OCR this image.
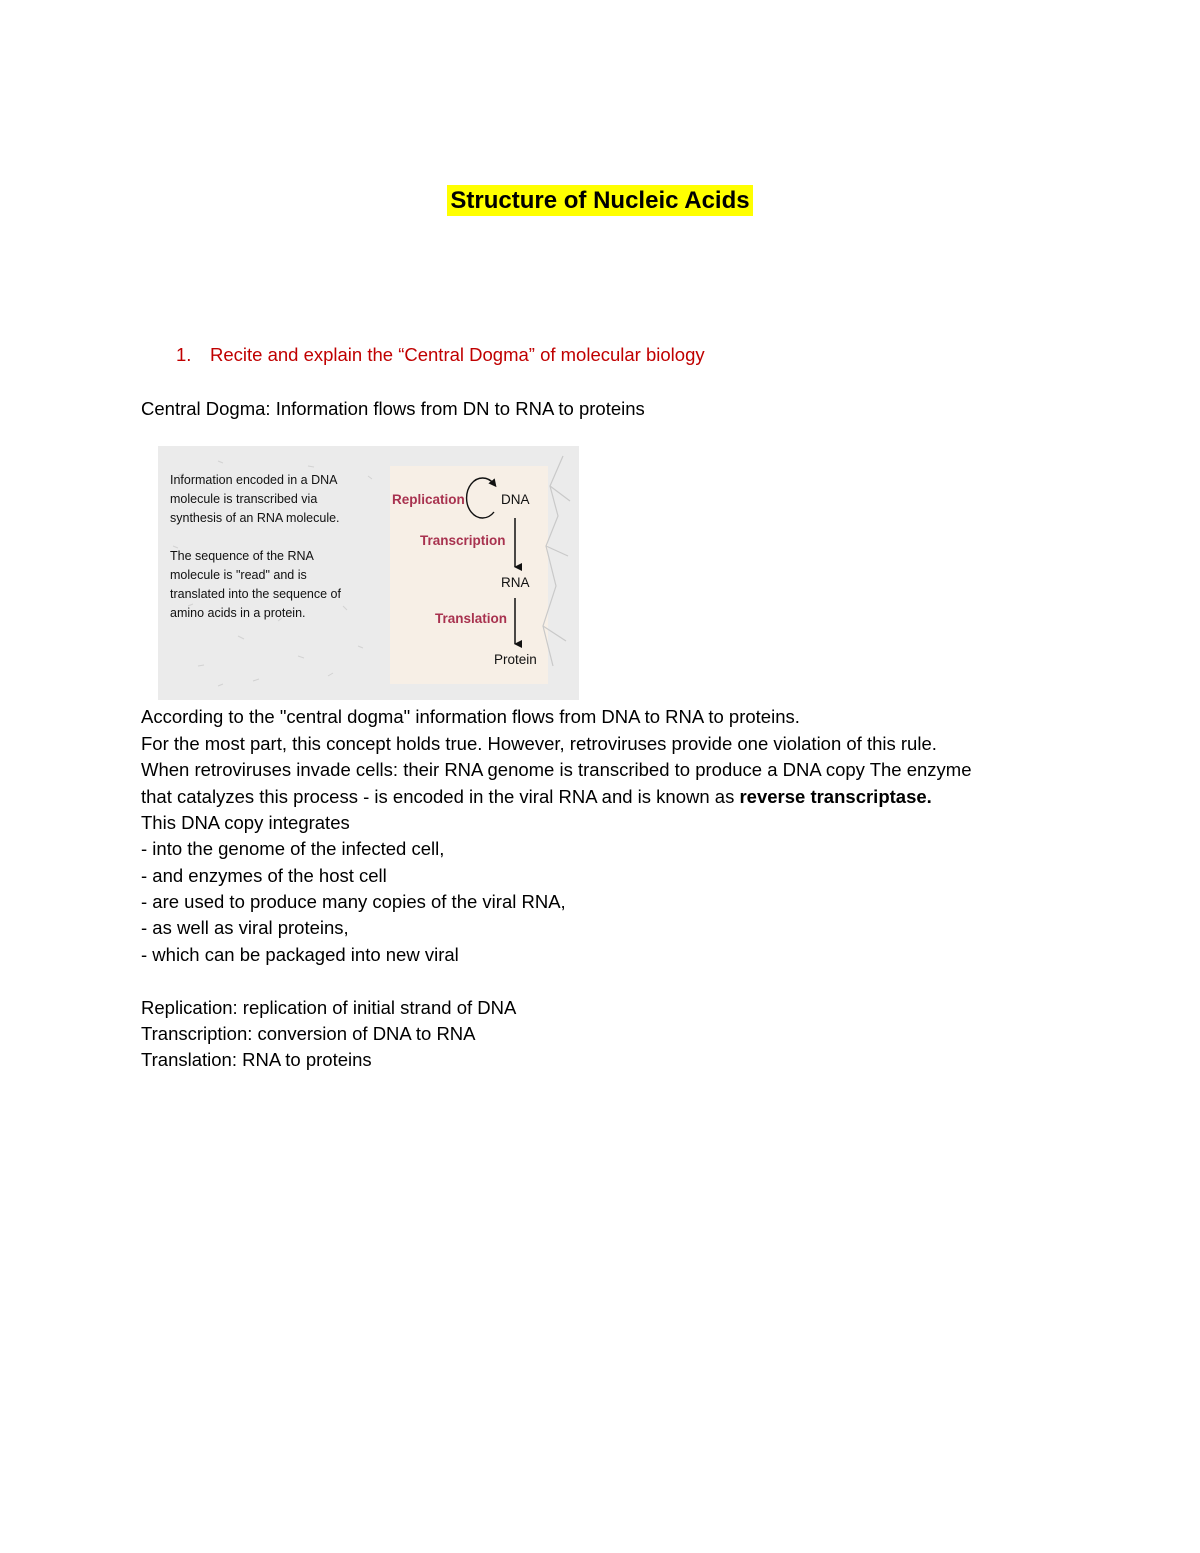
Structure of Nucleic Acids
1. Recite and explain the “Central Dogma” of molecular biology
Central Dogma: Information flows from DN to RNA to proteins
Information encoded in a DNA
molecule is transcribed via
synthesis of an RNA molecule.
The sequence of the RNA
molecule is "read" and is
translated into the sequence of
amino acids in a protein.
Replication
Transcription
Translation
DNA
RNA
Protein
According to the "central dogma" information flows from DNA to RNA to proteins.
For the most part, this concept holds true. However, retroviruses provide one violation of this rule.
When retroviruses invade cells: their RNA genome is transcribed to produce a DNA copy The enzyme
that catalyzes this process - is encoded in the viral RNA and is known as reverse transcriptase.
This DNA copy integrates
- into the genome of the infected cell,
- and enzymes of the host cell
- are used to produce many copies of the viral RNA,
- as well as viral proteins,
- which can be packaged into new viral
Replication: replication of initial strand of DNA
Transcription: conversion of DNA to RNA
Translation: RNA to proteins
